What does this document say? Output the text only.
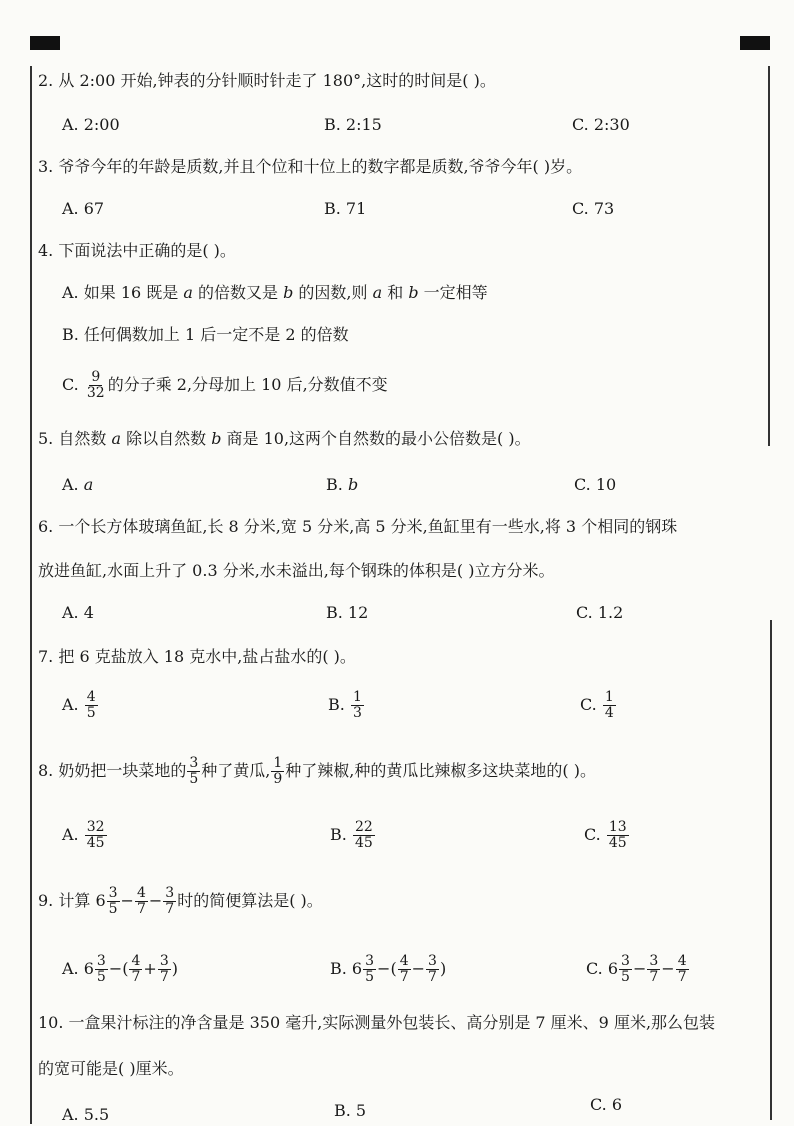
2. 从 2:00 开始,钟表的分针顺时针走了 180°,这时的时间是( )。
A. 2:00	B. 2:15	C. 2:30
3. 爷爷今年的年龄是质数,并且个位和十位上的数字都是质数,爷爷今年( )岁。
A. 67	B. 71	C. 73
4. 下面说法中正确的是( )。
A. 如果 16 既是 a 的倍数又是 b 的因数,则 a 和 b 一定相等
B. 任何偶数加上 1 后一定不是 2 的倍数
C. $\frac{9}{32}$ 的分子乘 2,分母加上 10 后,分数值不变
5. 自然数 a 除以自然数 b 商是 10,这两个自然数的最小公倍数是( )。
A. a	B. b	C. 10
6. 一个长方体玻璃鱼缸,长 8 分米,宽 5 分米,高 5 分米,鱼缸里有一些水,将 3 个相同的钢珠
放进鱼缸,水面上升了 0.3 分米,水未溢出,每个钢珠的体积是( )立方分米。
A. 4	B. 12	C. 1.2
7. 把 6 克盐放入 18 克水中,盐占盐水的( )。
A. $\frac{4}{5}$	B. $\frac{1}{3}$	C. $\frac{1}{4}$
8. 奶奶把一块菜地的 $\frac{3}{5}$ 种了黄瓜, $\frac{1}{9}$ 种了辣椒,种的黄瓜比辣椒多这块菜地的( )。
A. $\frac{32}{45}$	B. $\frac{22}{45}$	C. $\frac{13}{45}$
9. 计算 $6 \frac{3}{5} - \frac{4}{7} - \frac{3}{7}$ 时的简便算法是( )。
A. $6 \frac{3}{5}$ −( $\frac{4}{7} + \frac{3}{7}$ )	B. $6 \frac{3}{5}$ −( $\frac{4}{7} - \frac{3}{7}$ )	C. $6 \frac{3}{5} - \frac{3}{7} - \frac{4}{7}$
10. 一盒果汁标注的净含量是 350 毫升,实际测量外包装长、高分别是 7 厘米、9 厘米,那么包装
的宽可能是( )厘米。
A. 5.5	B. 5	C. 6
